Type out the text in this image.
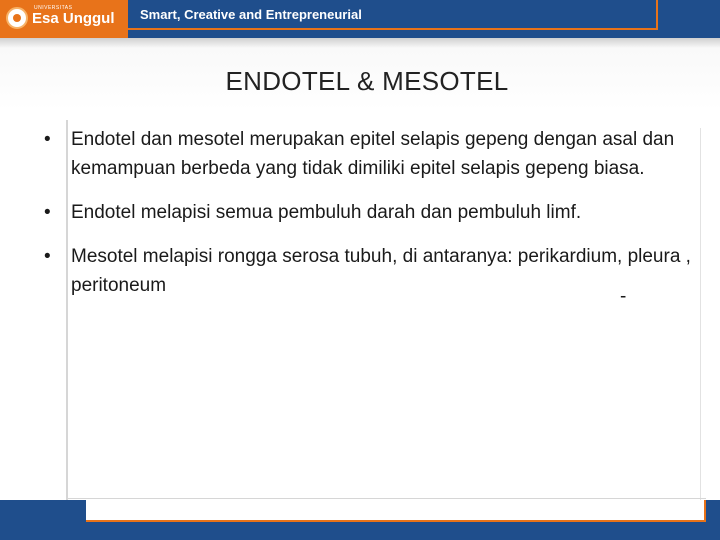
UNIVERSITAS
Esa Unggul Smart, Creative and Entrepreneurial
ENDOTEL & MESOTEL
• Endotel dan mesotel merupakan epitel selapis gepeng dengan asal dan kemampuan berbeda yang tidak dimiliki epitel selapis gepeng biasa.
• Endotel melapisi semua pembuluh darah dan pembuluh limf.
• Mesotel melapisi rongga serosa tubuh, di antaranya: perikardium, pleura , peritoneum
-
